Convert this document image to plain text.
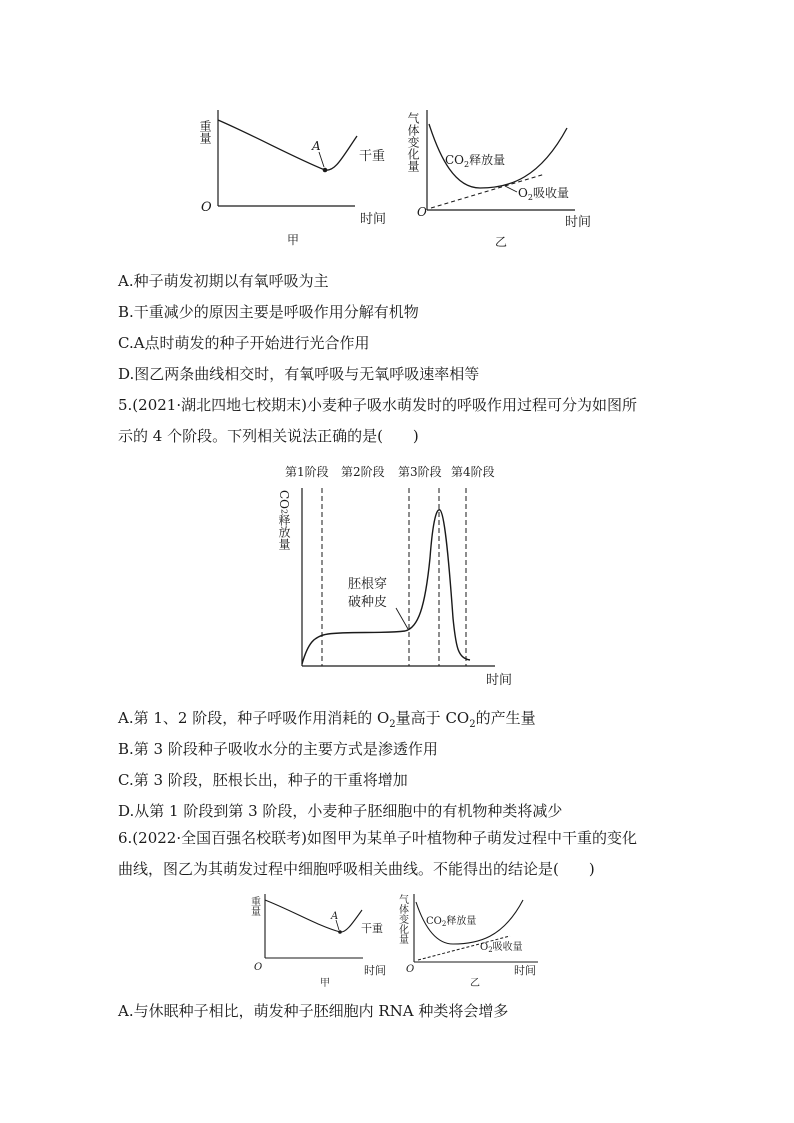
A
干重
O
时间
甲
重量
$CO_2$释放量
$O_2$吸收量
O
时间
乙
气体变化量
A.种子萌发初期以有氧呼吸为主
B.干重减少的原因主要是呼吸作用分解有机物
C.A点时萌发的种子开始进行光合作用
D.图乙两条曲线相交时，有氧呼吸与无氧呼吸速率相等
5.(2021·湖北四地七校期末)小麦种子吸水萌发时的呼吸作用过程可分为如图所
示的 4 个阶段。下列相关说法正确的是(　　)
第1阶段 第2阶段 第3阶段 第4阶段
胚根穿
破种皮
时间
CO 2 释放量
A.第 1、2 阶段，种子呼吸作用消耗的 $O_2$量高于 $CO_2$的产生量
B.第 3 阶段种子吸收水分的主要方式是渗透作用
C.第 3 阶段，胚根长出，种子的干重将增加
D.从第 1 阶段到第 3 阶段，小麦种子胚细胞中的有机物种类将减少
6.(2022·全国百强名校联考)如图甲为某单子叶植物种子萌发过程中干重的变化
曲线，图乙为其萌发过程中细胞呼吸相关曲线。不能得出的结论是(　　)
A
干重
O	时间
甲
重量
$CO_2$释放量
$O_2$吸收量
O	时间
乙
气体变化量
A.与休眠种子相比，萌发种子胚细胞内 RNA 种类将会增多
